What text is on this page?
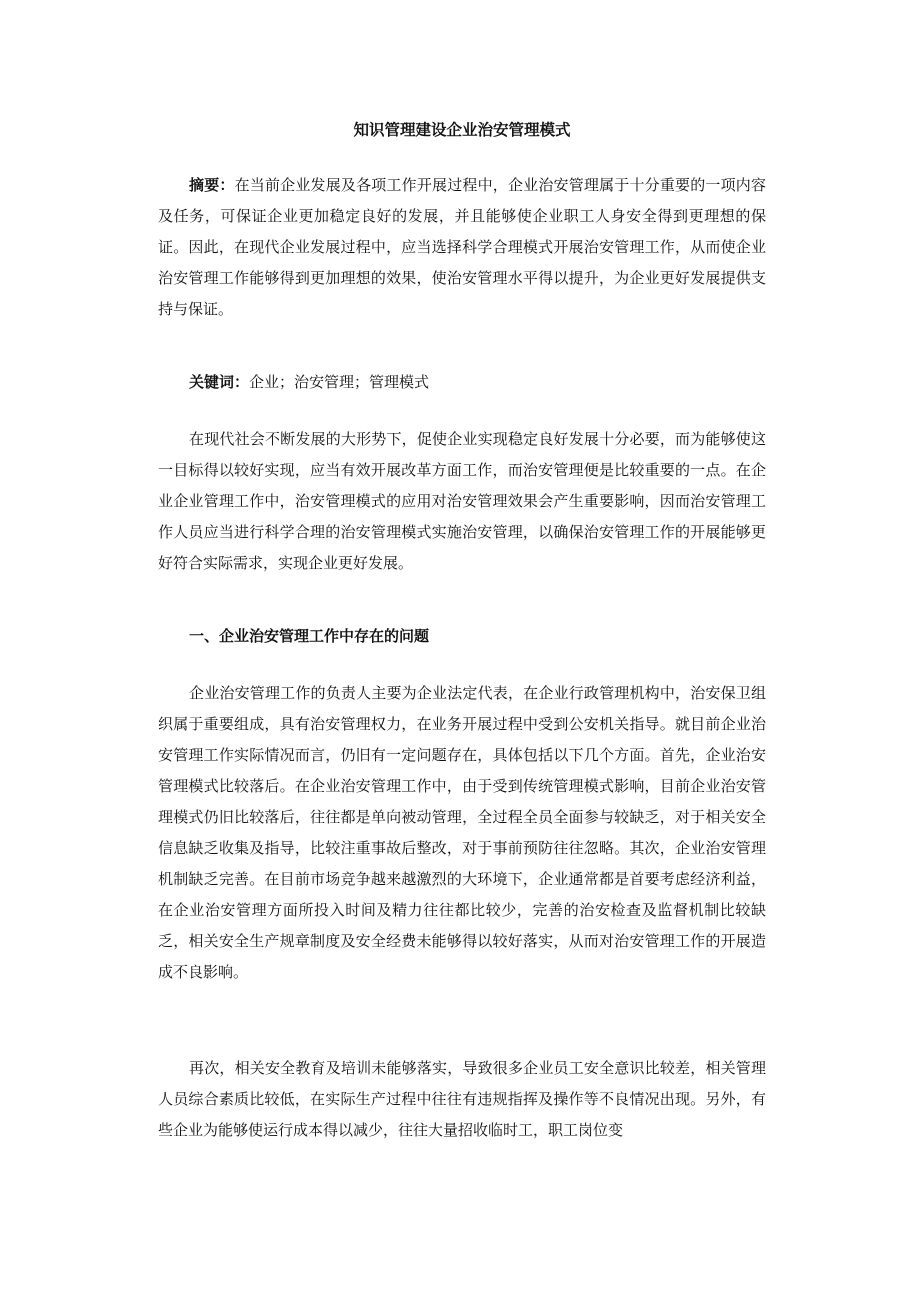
知识管理建设企业治安管理模式
摘要：在当前企业发展及各项工作开展过程中，企业治安管理属于十分重要的一项内容及任务，可保证企业更加稳定良好的发展，并且能够使企业职工人身安全得到更理想的保证。因此，在现代企业发展过程中，应当选择科学合理模式开展治安管理工作，从而使企业治安管理工作能够得到更加理想的效果，使治安管理水平得以提升，为企业更好发展提供支持与保证。
关键词：企业；治安管理；管理模式
在现代社会不断发展的大形势下，促使企业实现稳定良好发展十分必要，而为能够使这一目标得以较好实现，应当有效开展改革方面工作，而治安管理便是比较重要的一点。在企业企业管理工作中，治安管理模式的应用对治安管理效果会产生重要影响，因而治安管理工作人员应当进行科学合理的治安管理模式实施治安管理，以确保治安管理工作的开展能够更好符合实际需求，实现企业更好发展。
一、企业治安管理工作中存在的问题
企业治安管理工作的负责人主要为企业法定代表，在企业行政管理机构中，治安保卫组织属于重要组成，具有治安管理权力，在业务开展过程中受到公安机关指导。就目前企业治安管理工作实际情况而言，仍旧有一定问题存在，具体包括以下几个方面。首先，企业治安管理模式比较落后。在企业治安管理工作中，由于受到传统管理模式影响，目前企业治安管理模式仍旧比较落后，往往都是单向被动管理，全过程全员全面参与较缺乏，对于相关安全信息缺乏收集及指导，比较注重事故后整改，对于事前预防往往忽略。其次，企业治安管理机制缺乏完善。在目前市场竞争越来越激烈的大环境下，企业通常都是首要考虑经济利益，在企业治安管理方面所投入时间及精力往往都比较少，完善的治安检查及监督机制比较缺乏，相关安全生产规章制度及安全经费未能够得以较好落实，从而对治安管理工作的开展造成不良影响。
再次，相关安全教育及培训未能够落实，导致很多企业员工安全意识比较差，相关管理人员综合素质比较低，在实际生产过程中往往有违规指挥及操作等不良情况出现。另外，有些企业为能够使运行成本得以减少，往往大量招收临时工，职工岗位变
